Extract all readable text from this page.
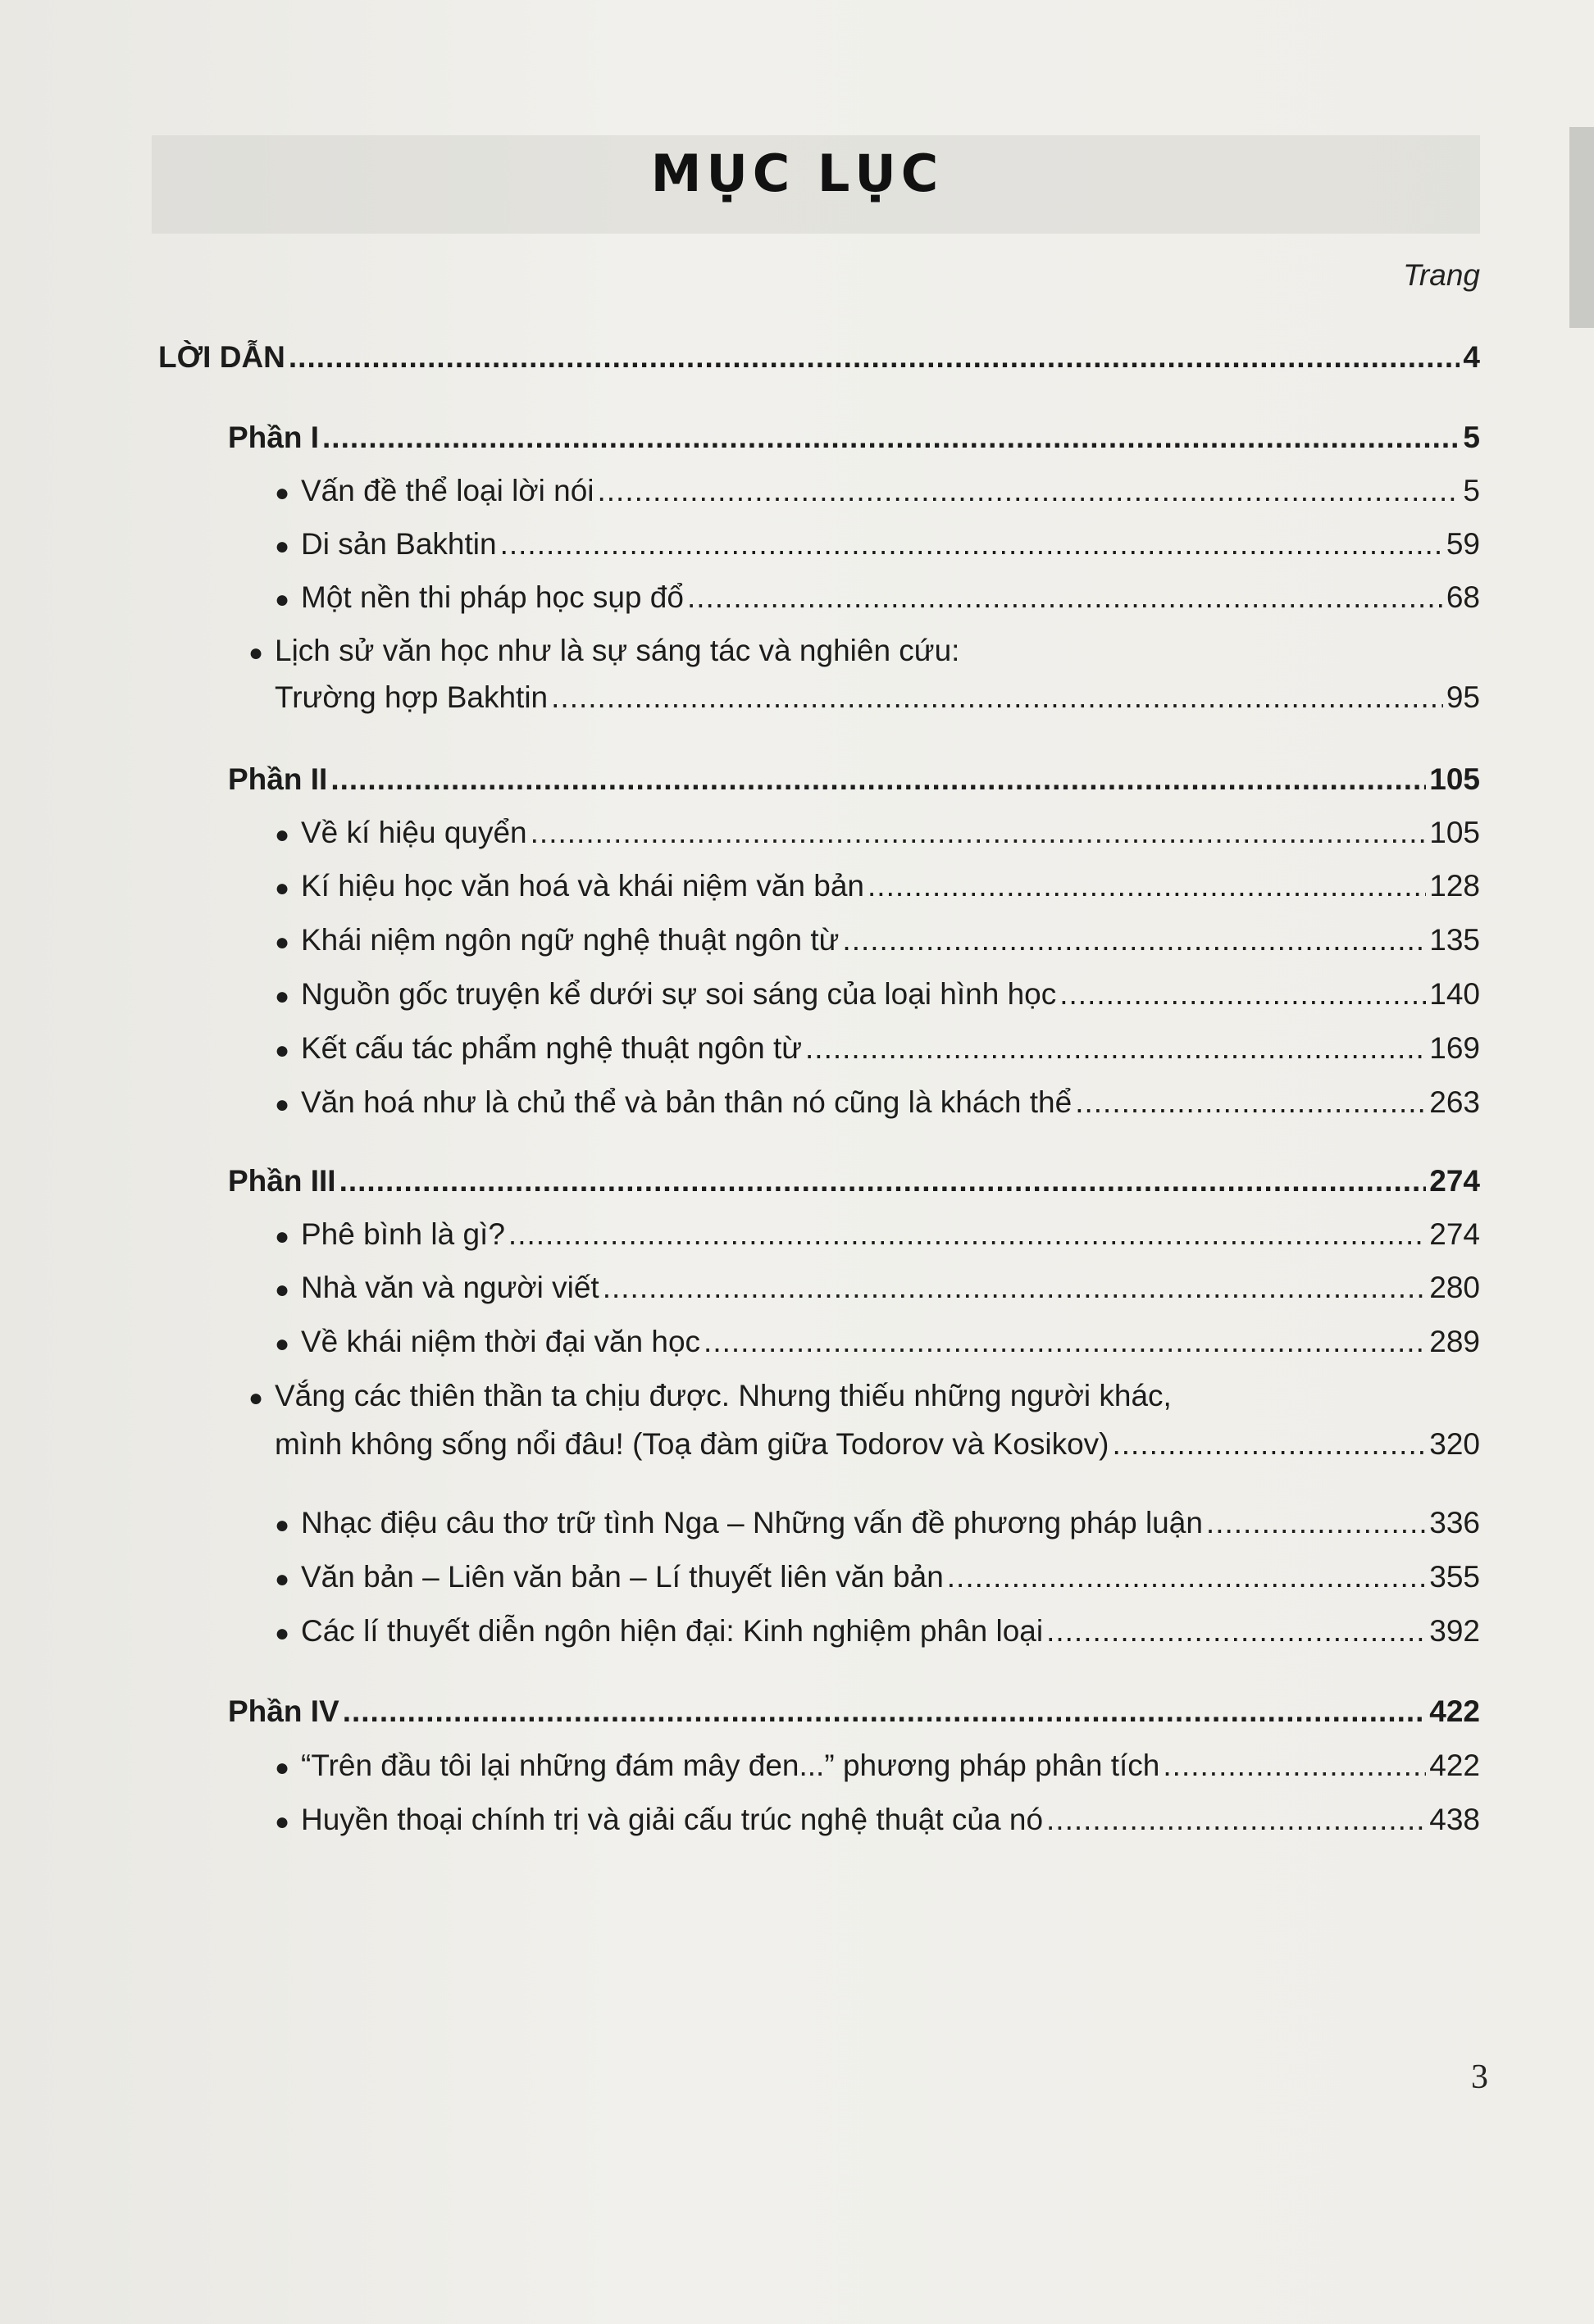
MỤC LỤC
Trang
LỜI DẪN .....	4
Phần I .....	5
● Vấn đề thể loại lời nói .....	5
● Di sản Bakhtin .....	59
● Một nền thi pháp học sụp đổ .....	68
● Lịch sử văn học như là sự sáng tác và nghiên cứu:
Trường hợp Bakhtin .....	95
Phần II .....	105
● Về kí hiệu quyển .....	105
● Kí hiệu học văn hoá và khái niệm văn bản .....	128
● Khái niệm ngôn ngữ nghệ thuật ngôn từ .....	135
● Nguồn gốc truyện kể dưới sự soi sáng của loại hình học .....	140
● Kết cấu tác phẩm nghệ thuật ngôn từ .....	169
● Văn hoá như là chủ thể và bản thân nó cũng là khách thể .....	263
Phần III .....	274
● Phê bình là gì? .....	274
● Nhà văn và người viết .....	280
● Về khái niệm thời đại văn học .....	289
● Vắng các thiên thần ta chịu được. Nhưng thiếu những người khác,
mình không sống nổi đâu! (Toạ đàm giữa Todorov và Kosikov) .....	320
● Nhạc điệu câu thơ trữ tình Nga – Những vấn đề phương pháp luận .....	336
● Văn bản – Liên văn bản – Lí thuyết liên văn bản .....	355
● Các lí thuyết diễn ngôn hiện đại: Kinh nghiệm phân loại .....	392
Phần IV .....	422
● “Trên đầu tôi lại những đám mây đen...” phương pháp phân tích .....	422
● Huyền thoại chính trị và giải cấu trúc nghệ thuật của nó .....	438
3
